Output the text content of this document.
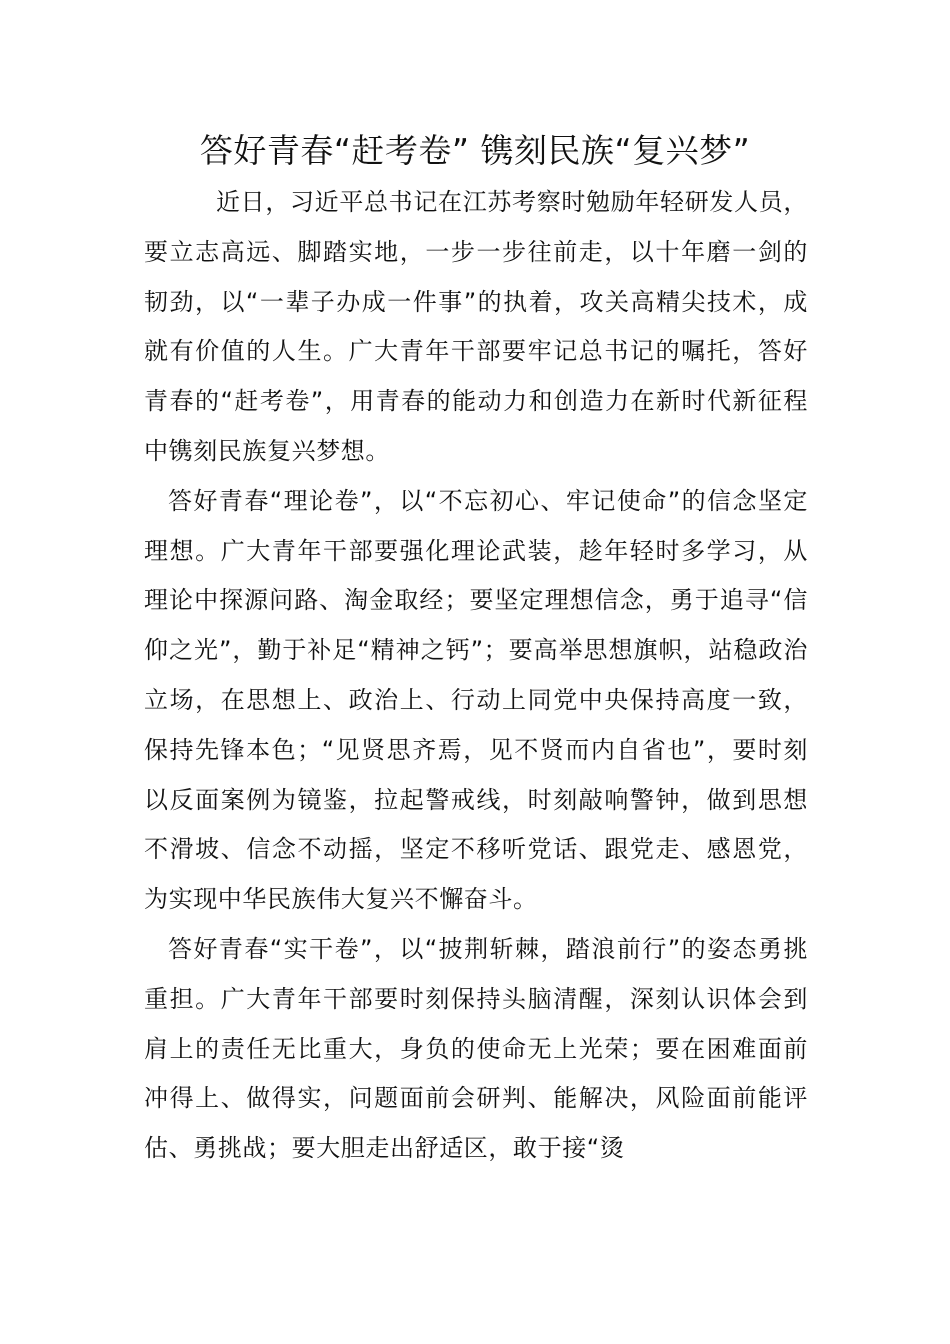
答好青春“赶考卷” 镌刻民族“复兴梦”

近日，习近平总书记在江苏考察时勉励年轻研发人员，要立志高远、脚踏实地，一步一步往前走，以十年磨一剑的韧劲，以“一辈子办成一件事”的执着，攻关高精尖技术，成就有价值的人生。广大青年干部要牢记总书记的嘱托，答好青春的“赶考卷”，用青春的能动力和创造力在新时代新征程中镌刻民族复兴梦想。

答好青春“理论卷”，以“不忘初心、牢记使命”的信念坚定理想。广大青年干部要强化理论武装，趁年轻时多学习，从理论中探源问路、淘金取经；要坚定理想信念，勇于追寻“信仰之光”，勤于补足“精神之钙”；要高举思想旗帜，站稳政治立场，在思想上、政治上、行动上同党中央保持高度一致，保持先锋本色；“见贤思齐焉，见不贤而内自省也”，要时刻以反面案例为镜鉴，拉起警戒线，时刻敲响警钟，做到思想不滑坡、信念不动摇，坚定不移听党话、跟党走、感恩党，为实现中华民族伟大复兴不懈奋斗。

答好青春“实干卷”，以“披荆斩棘，踏浪前行”的姿态勇挑重担。广大青年干部要时刻保持头脑清醒，深刻认识体会到肩上的责任无比重大，身负的使命无上光荣；要在困难面前冲得上、做得实，问题面前会研判、能解决，风险面前能评估、勇挑战；要大胆走出舒适区，敢于接“烫
